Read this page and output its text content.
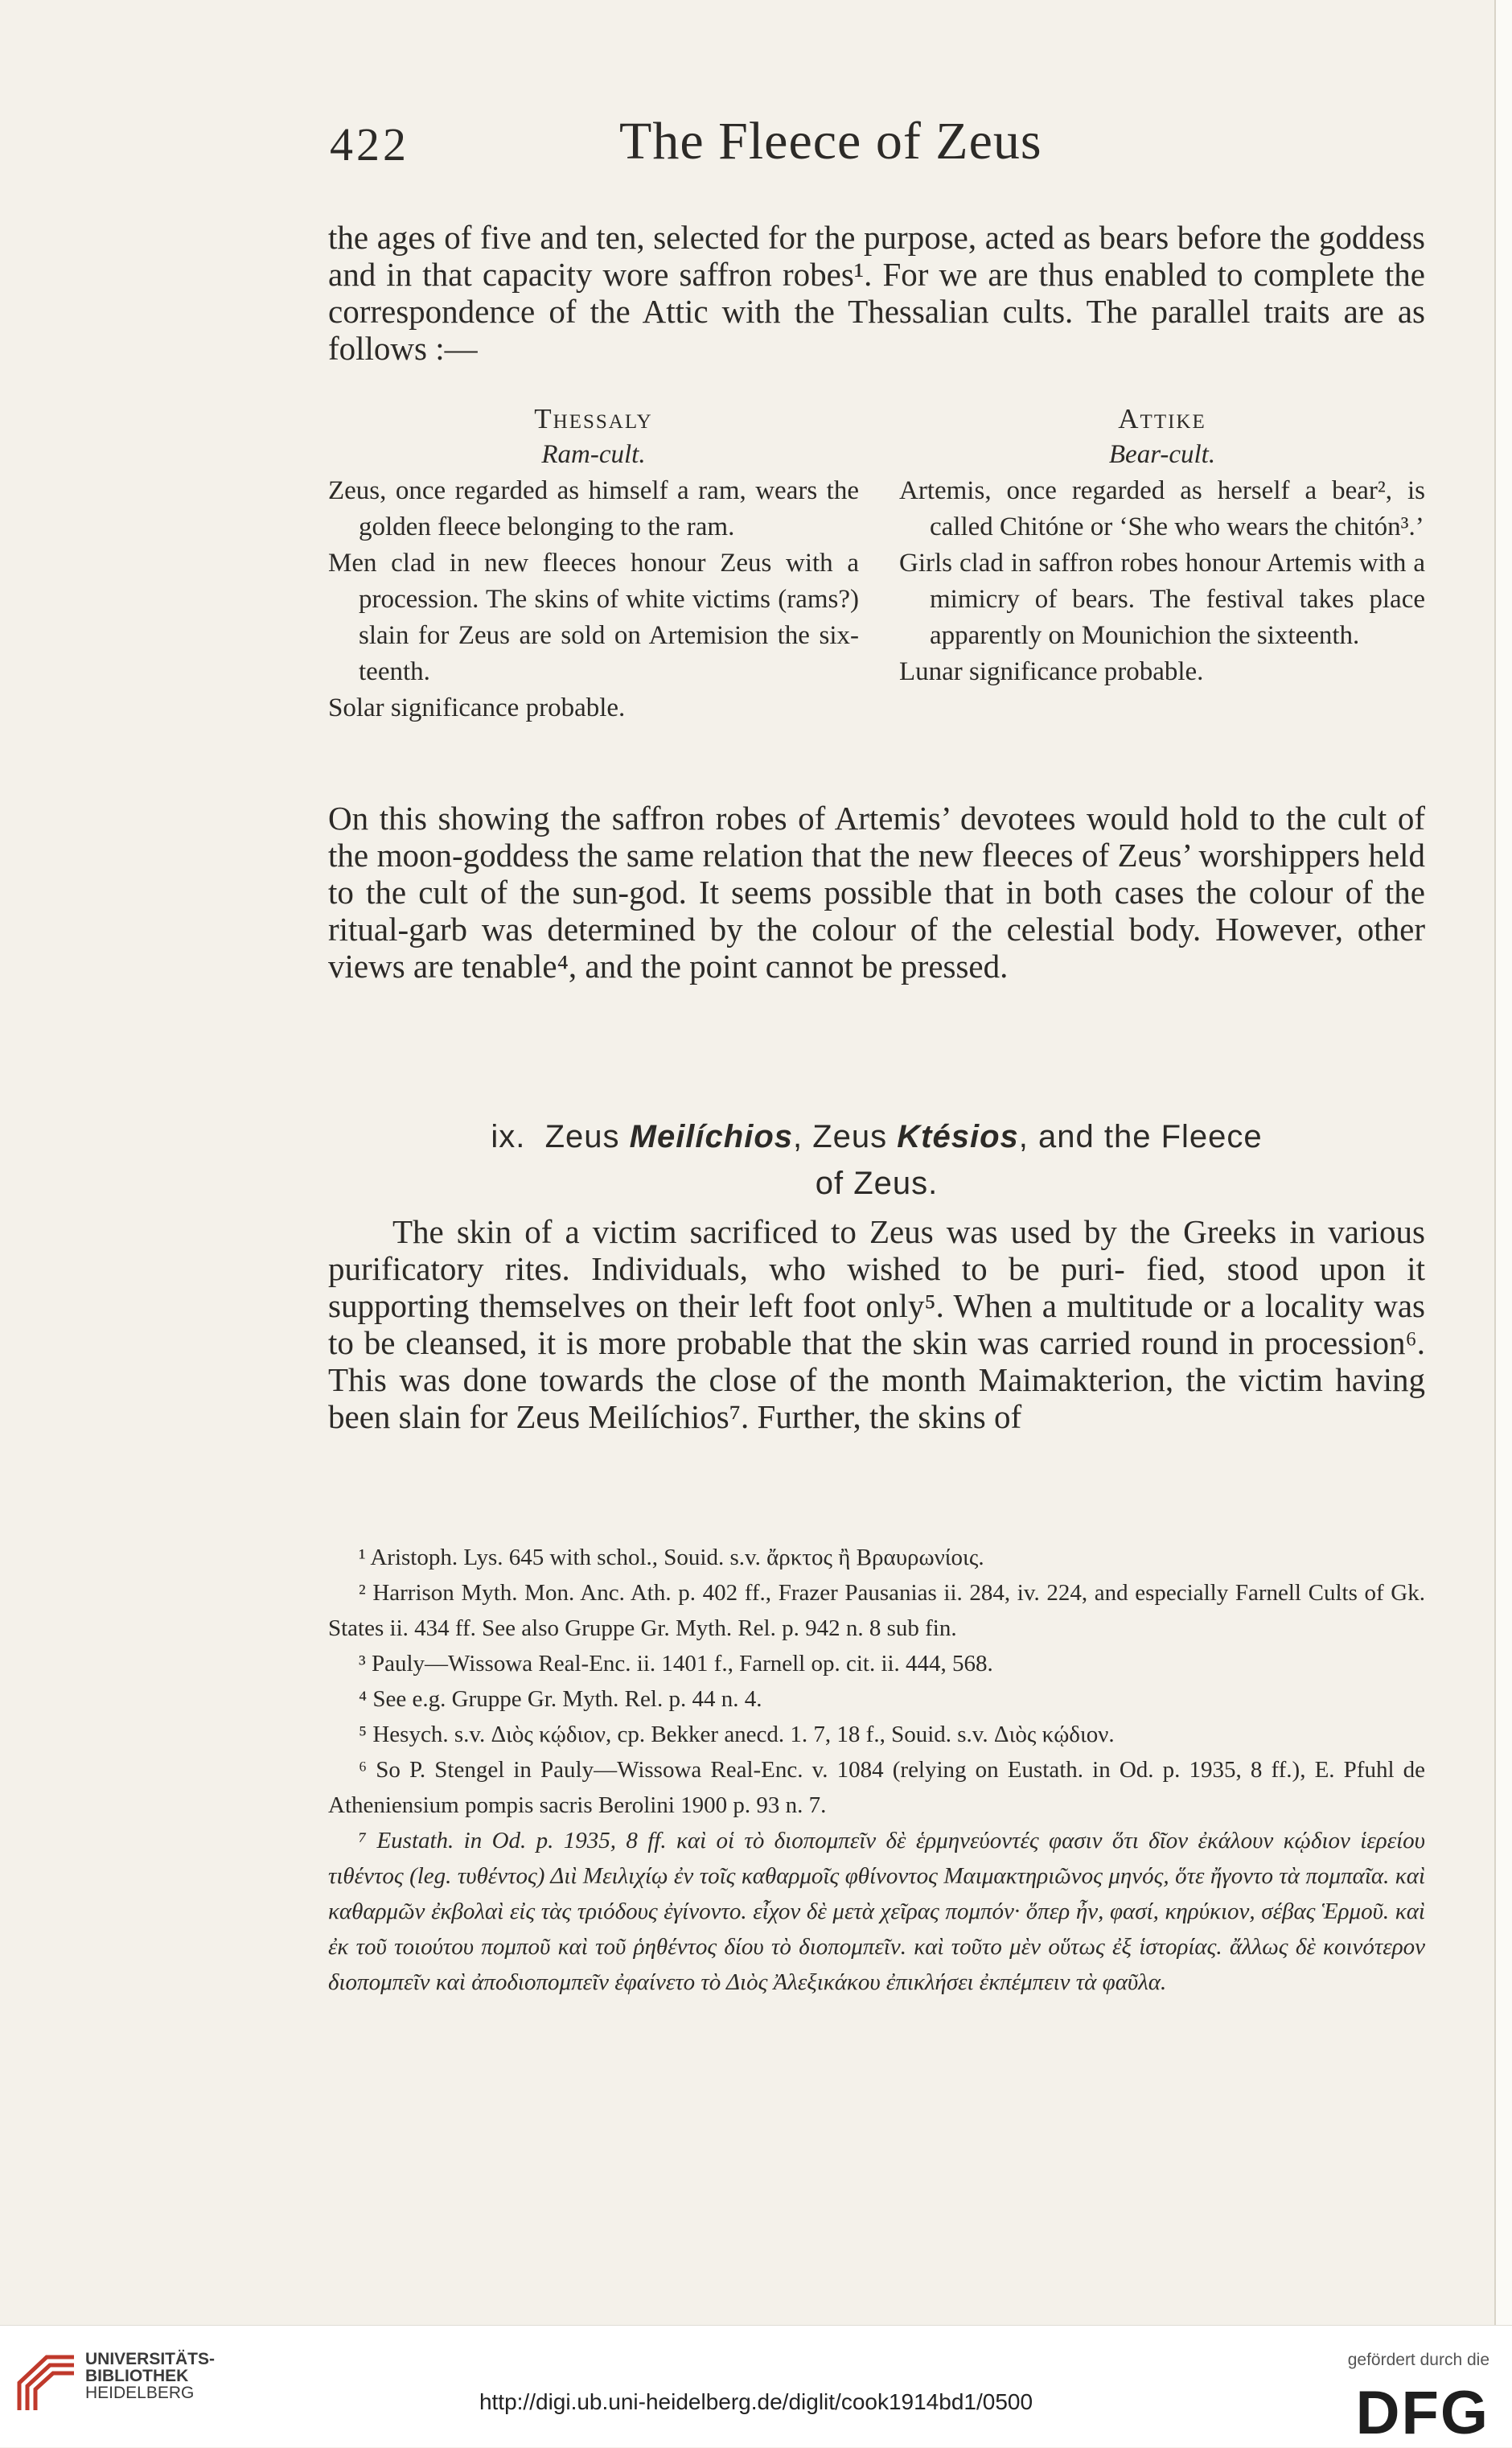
422	The Fleece of Zeus

the ages of five and ten, selected for the purpose, acted as bears before the goddess and in that capacity wore saffron robes¹. For we are thus enabled to complete the correspondence of the Attic with the Thessalian cults. The parallel traits are as follows :—

Thessaly
Ram-cult.
Zeus, once regarded as himself a ram, wears the golden fleece belonging to the ram.
Men clad in new fleeces honour Zeus with a procession. The skins of white victims (rams?) slain for Zeus are sold on Artemision the six- teenth.
Solar significance probable.
Attike
Bear-cult.
Artemis, once regarded as herself a bear², is called Chitóne or ‘She who wears the chitón³.’
Girls clad in saffron robes honour Artemis with a mimicry of bears. The festival takes place apparently on Mounichion the sixteenth.
Lunar significance probable.

On this showing the saffron robes of Artemis’ devotees would hold to the cult of the moon-goddess the same relation that the new fleeces of Zeus’ worshippers held to the cult of the sun-god. It seems possible that in both cases the colour of the ritual-garb was determined by the colour of the celestial body. However, other views are tenable⁴, and the point cannot be pressed.

ix. Zeus Meilíchios, Zeus Ktésios, and the Fleece
of Zeus.

The skin of a victim sacrificed to Zeus was used by the Greeks in various purificatory rites. Individuals, who wished to be puri- fied, stood upon it supporting themselves on their left foot only⁵. When a multitude or a locality was to be cleansed, it is more probable that the skin was carried round in procession⁶. This was done towards the close of the month Maimakterion, the victim having been slain for Zeus Meilíchios⁷. Further, the skins of

¹ Aristoph. Lys. 645 with schol., Souid. s.v. ἄρκτος ἢ Βραυρωνίοις.

² Harrison Myth. Mon. Anc. Ath. p. 402 ff., Frazer Pausanias ii. 284, iv. 224, and especially Farnell Cults of Gk. States ii. 434 ff. See also Gruppe Gr. Myth. Rel. p. 942 n. 8 sub fin.

³ Pauly—Wissowa Real-Enc. ii. 1401 f., Farnell op. cit. ii. 444, 568.

⁴ See e.g. Gruppe Gr. Myth. Rel. p. 44 n. 4.

⁵ Hesych. s.v. Διὸς κῴδιον, cp. Bekker anecd. 1. 7, 18 f., Souid. s.v. Διὸς κῴδιον.

⁶ So P. Stengel in Pauly—Wissowa Real-Enc. v. 1084 (relying on Eustath. in Od. p. 1935, 8 ff.), E. Pfuhl de Atheniensium pompis sacris Berolini 1900 p. 93 n. 7.

⁷ Eustath. in Od. p. 1935, 8 ff. καὶ οἱ τὸ διοπομπεῖν δὲ ἑρμηνεύοντές φασιν ὅτι δῖον ἐκάλουν κῴδιον ἱερείου τιθέντος (leg. τυθέντος) Διὶ Μειλιχίῳ ἐν τοῖς καθαρμοῖς φθίνοντος Μαιμακτηριῶνος μηνός, ὅτε ἤγοντο τὰ πομπαῖα. καὶ καθαρμῶν ἐκβολαὶ εἰς τὰς τριόδους ἐγίνοντο. εἶχον δὲ μετὰ χεῖρας πομπόν· ὅπερ ἦν, φασί, κηρύκιον, σέβας Ἑρμοῦ. καὶ ἐκ τοῦ τοιούτου πομποῦ καὶ τοῦ ῥηθέντος δίου τὸ διοπομπεῖν. καὶ τοῦτο μὲν οὕτως ἐξ ἱστορίας. ἄλλως δὲ κοινότερον διοπομπεῖν καὶ ἀποδιοπομπεῖν ἐφαίνετο τὸ Διὸς Ἀλεξικάκου ἐπικλήσει ἐκπέμπειν τὰ φαῦλα.

UNIVERSITÄTS-
BIBLIOTHEK
HEIDELBERG	http://digi.ub.uni-heidelberg.de/diglit/cook1914bd1/0500
gefördert durch die
DFG
